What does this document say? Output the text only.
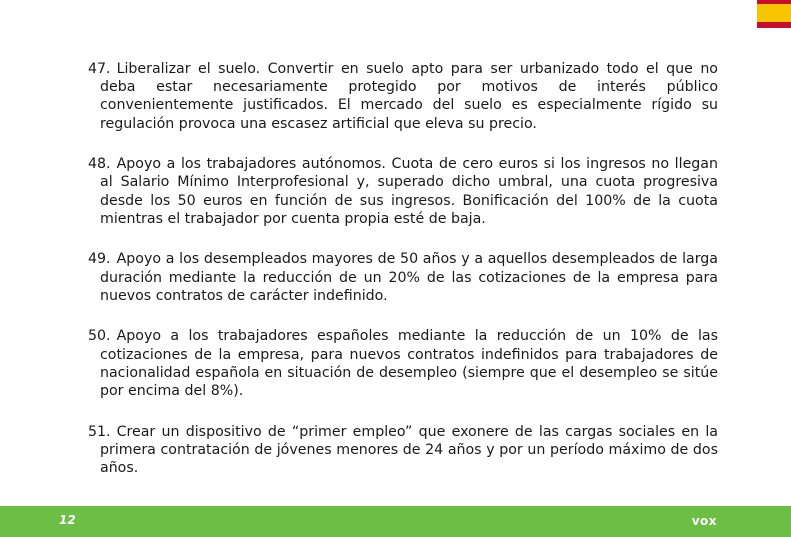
47. Liberalizar el suelo. Convertir en suelo apto para ser urbanizado todo el que no deba estar necesariamente protegido por motivos de interés público convenientemente justificados. El mercado del suelo es especialmente rígido su regulación provoca una escasez artificial que eleva su precio.
48. Apoyo a los trabajadores autónomos. Cuota de cero euros si los ingresos no llegan al Salario Mínimo Interprofesional y, superado dicho umbral, una cuota progresiva desde los 50 euros en función de sus ingresos. Bonificación del 100% de la cuota mientras el trabajador por cuenta propia esté de baja.
49. Apoyo a los desempleados mayores de 50 años y a aquellos desempleados de larga duración mediante la reducción de un 20% de las cotizaciones de la empresa para nuevos contratos de carácter indefinido.
50. Apoyo a los trabajadores españoles mediante la reducción de un 10% de las cotizaciones de la empresa, para nuevos contratos indefinidos para trabajadores de nacionalidad española en situación de desempleo (siempre que el desempleo se sitúe por encima del 8%).
51. Crear un dispositivo de “primer empleo” que exonere de las cargas sociales en la primera contratación de jóvenes menores de 24 años y por un período máximo de dos años.
12	vox
